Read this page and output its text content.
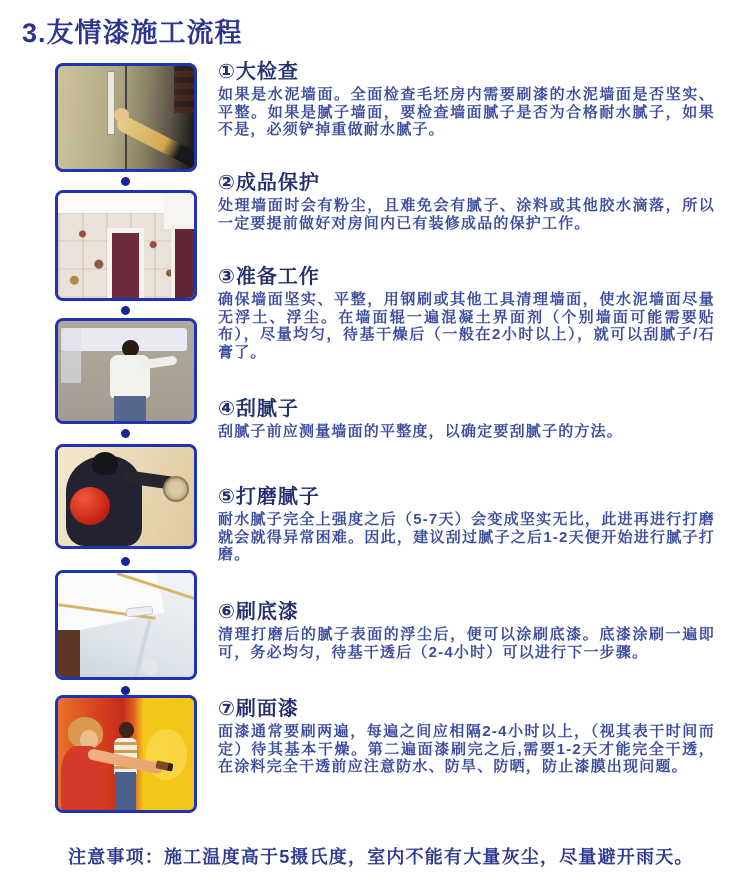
3.友情漆施工流程
①大检查
如果是水泥墙面。全面检查毛坯房内需要刷漆的水泥墙面是否坚实、平整。如果是腻子墙面，要检查墙面腻子是否为合格耐水腻子，如果不是，必须铲掉重做耐水腻子。
②成品保护
处理墙面时会有粉尘，且难免会有腻子、涂料或其他胶水滴落，所以一定要提前做好对房间内已有装修成品的保护工作。
③准备工作
确保墙面坚实、平整，用钢刷或其他工具清理墙面，使水泥墙面尽量无浮土、浮尘。在墙面辊一遍混凝土界面剂（个别墙面可能需要贴布），尽量均匀，待基干燥后（一般在2小时以上），就可以刮腻子/石膏了。
④刮腻子
刮腻子前应测量墙面的平整度，以确定要刮腻子的方法。
⑤打磨腻子
耐水腻子完全上强度之后（5-7天）会变成坚实无比，此进再进行打磨就会就得异常困难。因此，建议刮过腻子之后1-2天便开始进行腻子打磨。
⑥刷底漆
清理打磨后的腻子表面的浮尘后，便可以涂刷底漆。底漆涂刷一遍即可，务必均匀，待基干透后（2-4小时）可以进行下一步骤。
⑦刷面漆
面漆通常要刷两遍，每遍之间应相隔2-4小时以上，（视其表干时间而定）待其基本干燥。第二遍面漆刷完之后,需要1-2天才能完全干透，在涂料完全干透前应注意防水、防旱、防晒，防止漆膜出现问题。
注意事项：施工温度高于5摄氏度，室内不能有大量灰尘，尽量避开雨天。
